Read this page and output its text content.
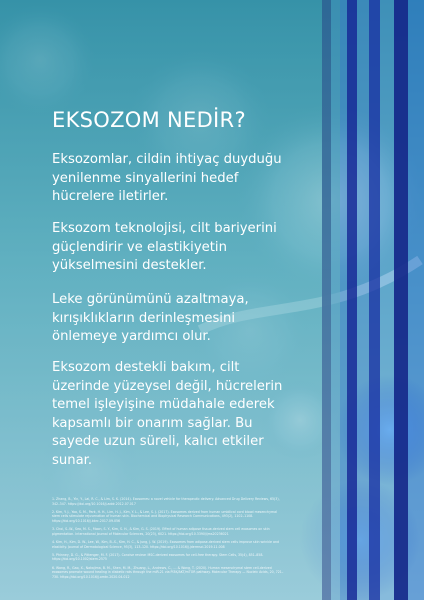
EKSOZOM NEDİR?

Eksozomlar, cildin ihtiyaç duyduğu yenilenme sinyallerini hedef hücrelere iletirler.

Eksozom teknolojisi, cilt bariyerini güçlendirir ve elastikiyetin yükselmesini destekler.

Leke görünümünü azaltmaya, kırışıklıkların derinleşmesini önlemeye yardımcı olur.

Eksozom destekli bakım, cilt üzerinde yüzeysel değil, hücrelerin temel işleyişine müdahale ederek kapsamlı bir onarım sağlar. Bu sayede uzun süreli, kalıcı etkiler sunar.

1. Zhang, B., Yin, Y., Lai, R. C., & Lim, S. K. (2014). Exosomes: a novel vehicle for therapeutic delivery. Advanced Drug Delivery Reviews, 65(3), 342–347. https://doi.org/10.1016/j.addr.2012.07.017

2. Kim, Y. J., Yoo, S. M., Park, H. H., Lim, H. J., Kim, Y. L., & Lee, S. J. (2017). Exosomes derived from human umbilical cord blood mesenchymal stem cells stimulate rejuvenation of human skin. Biochemical and Biophysical Research Communications, 493(2), 1102–1108. https://doi.org/10.1016/j.bbrc.2017.09.056

3. Choi, S.-W., Seo, M. S., Moon, S. Y., Kim, S. H., & Kim, G. S. (2019). Effect of human adipose tissue-derived stem cell exosomes on skin pigmentation. International Journal of Molecular Sciences, 20(23), 6021. https://doi.org/10.3390/ijms20236021

4. Kim, H., Kim, D. W., Lee, W., Kim, B.-S., Kim, H. C., & Jung, J. W. (2019). Exosomes from adipose-derived stem cells improve skin wrinkle and elasticity. Journal of Dermatological Science, 95(3), 113–120. https://doi.org/10.1016/j.jdermsci.2019.11.008

5. Phinney, D. G., & Pittenger, M. F. (2017). Concise review: MSC-derived exosomes for cell-free therapy. Stem Cells, 35(4), 851–858. https://doi.org/10.1002/stem.2575

6. Wang, R., Gao, X., Nakajima, B. M., Shen, M. M., Zhuang, L., Andrews, C., … & Wang, T. (2020). Human mesenchymal stem cell-derived exosomes promote wound healing in diabetic rats through the miR-21 via PI3K/AKT/mTOR pathway. Molecular Therapy — Nucleic Acids, 20, 721–730. https://doi.org/10.1016/j.omtn.2020.04.012
